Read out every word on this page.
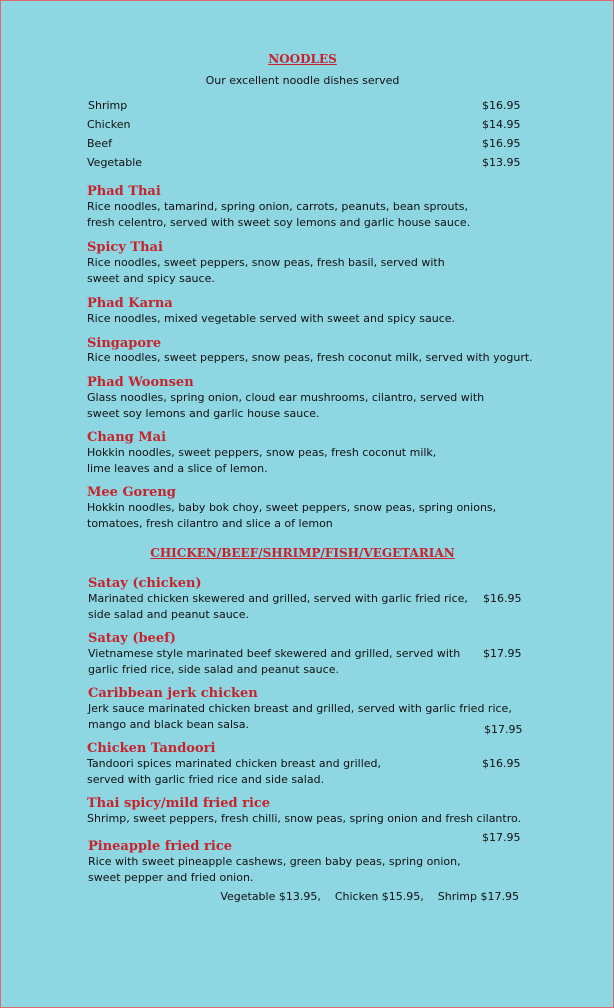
NOODLES
Our excellent noodle dishes served
Shrimp	$16.95
Chicken	$14.95
Beef	$16.95
Vegetable	$13.95
Phad Thai
Rice noodles, tamarind, spring onion, carrots, peanuts, bean sprouts,
fresh celentro, served with sweet soy lemons and garlic house sauce.
Spicy Thai
Rice noodles, sweet peppers, snow peas, fresh basil, served with
sweet and spicy sauce.
Phad Karna
Rice noodles, mixed vegetable served with sweet and spicy sauce.
Singapore
Rice noodles, sweet peppers, snow peas, fresh coconut milk, served with yogurt.
Phad Woonsen
Glass noodles, spring onion, cloud ear mushrooms, cilantro, served with
sweet soy lemons and garlic house sauce.
Chang Mai
Hokkin noodles, sweet peppers, snow peas, fresh coconut milk,
lime leaves and a slice of lemon.
Mee Goreng
Hokkin noodles, baby bok choy, sweet peppers, snow peas, spring onions,
tomatoes, fresh cilantro and slice a of lemon
CHICKEN/BEEF/SHRIMP/FISH/VEGETARIAN
Satay (chicken)
Marinated chicken skewered and grilled, served with garlic fried rice,
side salad and peanut sauce.
$16.95
Satay (beef)
Vietnamese style marinated beef skewered and grilled, served with
garlic fried rice, side salad and peanut sauce.
$17.95
Caribbean jerk chicken
Jerk sauce marinated chicken breast and grilled, served with garlic fried rice,
mango and black bean salsa.	$17.95
Chicken Tandoori
Tandoori spices marinated chicken breast and grilled,
served with garlic fried rice and side salad.
$16.95
Thai spicy/mild fried rice
Shrimp, sweet peppers, fresh chilli, snow peas, spring onion and fresh cilantro.
$17.95
Pineapple fried rice
Rice with sweet pineapple cashews, green baby peas, spring onion,
sweet pepper and fried onion.
Vegetable $13.95,    Chicken $15.95,    Shrimp $17.95
